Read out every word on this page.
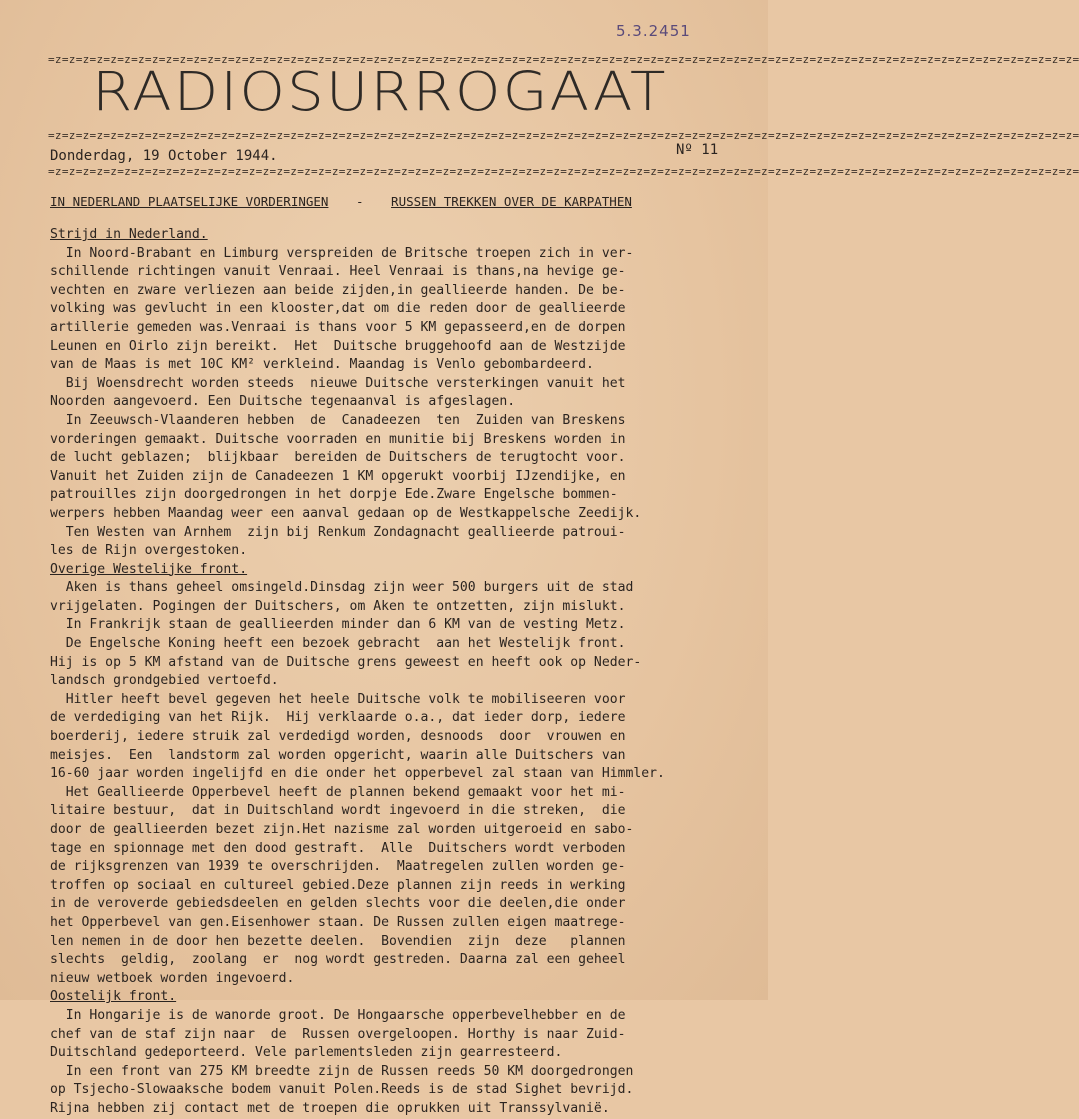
5.3.2451
=z=z=z=z=z=z=z=z=z=z=z=z=z=z=z=z=z=z=z=z=z=z=z=z=z=z=z=z=z=z=z=z=z=z=z=z=z=z=z=z=z=z=z=z=z=z=z=z=z=z=z=z=z=z=z=z=z=z=z=z=z=z=z=z=z=z=z=z=z=z=z=z=z=z=
RADIOSURROGAAT
=z=z=z=z=z=z=z=z=z=z=z=z=z=z=z=z=z=z=z=z=z=z=z=z=z=z=z=z=z=z=z=z=z=z=z=z=z=z=z=z=z=z=z=z=z=z=z=z=z=z=z=z=z=z=z=z=z=z=z=z=z=z=z=z=z=z=z=z=z=z=z=z=z=z=
Donderdag, 19 October 1944.	Nº 11
=z=z=z=z=z=z=z=z=z=z=z=z=z=z=z=z=z=z=z=z=z=z=z=z=z=z=z=z=z=z=z=z=z=z=z=z=z=z=z=z=z=z=z=z=z=z=z=z=z=z=z=z=z=z=z=z=z=z=z=z=z=z=z=z=z=z=z=z=z=z=z=z=z=z=
IN NEDERLAND PLAATSELIJKE VORDERINGEN - RUSSEN TREKKEN OVER DE KARPATHEN
Strijd in Nederland.
In Noord-Brabant en Limburg verspreiden de Britsche troepen zich in ver-
schillende richtingen vanuit Venraai. Heel Venraai is thans,na hevige ge-
vechten en zware verliezen aan beide zijden,in geallieerde handen. De be-
volking was gevlucht in een klooster,dat om die reden door de geallieerde
artillerie gemeden was.Venraai is thans voor 5 KM gepasseerd,en de dorpen
Leunen en Oirlo zijn bereikt.  Het  Duitsche bruggehoofd aan de Westzijde
van de Maas is met 10C KM² verkleind. Maandag is Venlo gebombardeerd.
Bij Woensdrecht worden steeds  nieuwe Duitsche versterkingen vanuit het
Noorden aangevoerd. Een Duitsche tegenaanval is afgeslagen.
In Zeeuwsch-Vlaanderen hebben  de  Canadeezen  ten  Zuiden van Breskens
vorderingen gemaakt. Duitsche voorraden en munitie bij Breskens worden in
de lucht geblazen;  blijkbaar  bereiden de Duitschers de terugtocht voor.
Vanuit het Zuiden zijn de Canadeezen 1 KM opgerukt voorbij IJzendijke, en
patrouilles zijn doorgedrongen in het dorpje Ede.Zware Engelsche bommen-
werpers hebben Maandag weer een aanval gedaan op de Westkappelsche Zeedijk.
Ten Westen van Arnhem  zijn bij Renkum Zondagnacht geallieerde patroui-
les de Rijn overgestoken.
Overige Westelijke front.
Aken is thans geheel omsingeld.Dinsdag zijn weer 500 burgers uit de stad
vrijgelaten. Pogingen der Duitschers, om Aken te ontzetten, zijn mislukt.
In Frankrijk staan de geallieerden minder dan 6 KM van de vesting Metz.
De Engelsche Koning heeft een bezoek gebracht  aan het Westelijk front.
Hij is op 5 KM afstand van de Duitsche grens geweest en heeft ook op Neder-
landsch grondgebied vertoefd.
Hitler heeft bevel gegeven het heele Duitsche volk te mobiliseeren voor
de verdediging van het Rijk.  Hij verklaarde o.a., dat ieder dorp, iedere
boerderij, iedere struik zal verdedigd worden, desnoods  door  vrouwen en
meisjes.  Een  landstorm zal worden opgericht, waarin alle Duitschers van
16-60 jaar worden ingelijfd en die onder het opperbevel zal staan van Himmler.
Het Geallieerde Opperbevel heeft de plannen bekend gemaakt voor het mi-
litaire bestuur,  dat in Duitschland wordt ingevoerd in die streken,  die
door de geallieerden bezet zijn.Het nazisme zal worden uitgeroeid en sabo-
tage en spionnage met den dood gestraft.  Alle  Duitschers wordt verboden
de rijksgrenzen van 1939 te overschrijden.  Maatregelen zullen worden ge-
troffen op sociaal en cultureel gebied.Deze plannen zijn reeds in werking
in de veroverde gebiedsdeelen en gelden slechts voor die deelen,die onder
het Opperbevel van gen.Eisenhower staan. De Russen zullen eigen maatrege-
len nemen in de door hen bezette deelen.  Bovendien  zijn  deze   plannen
slechts  geldig,  zoolang  er  nog wordt gestreden. Daarna zal een geheel
nieuw wetboek worden ingevoerd.
Oostelijk front.
In Hongarije is de wanorde groot. De Hongaarsche opperbevelhebber en de
chef van de staf zijn naar  de  Russen overgeloopen. Horthy is naar Zuid-
Duitschland gedeporteerd. Vele parlementsleden zijn gearresteerd.
In een front van 275 KM breedte zijn de Russen reeds 50 KM doorgedrongen
op Tsjecho-Slowaaksche bodem vanuit Polen.Reeds is de stad Sighet bevrijd.
Rijna hebben zij contact met de troepen die oprukken uit Transsylvanië.
